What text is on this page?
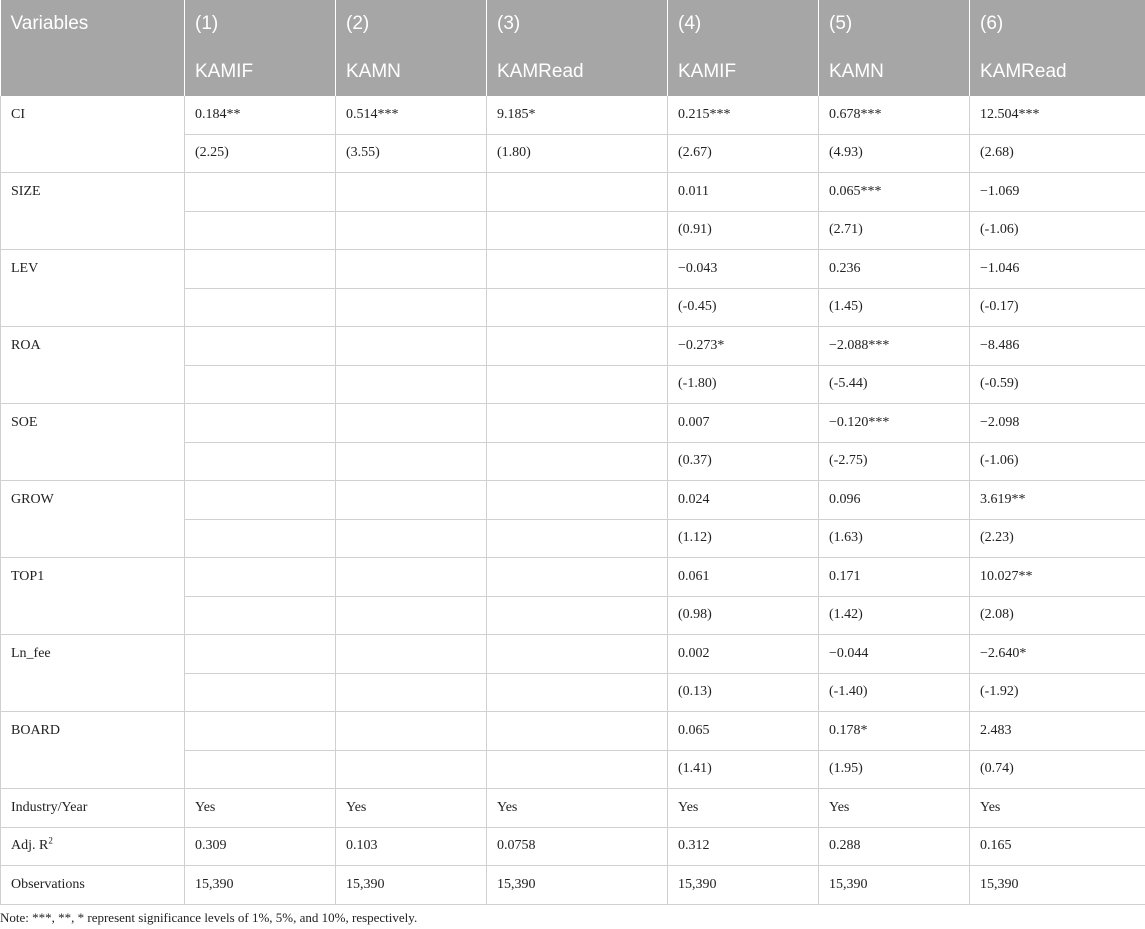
Variables	(1)	(2)	(3)	(4)	(5)	(6)
	KAMIF	KAMN	KAMRead	KAMIF	KAMN	KAMRead
CI	0.184**	0.514***	9.185*	0.215***	0.678***	12.504***
	(2.25)	(3.55)	(1.80)	(2.67)	(4.93)	(2.68)
SIZE				0.011	0.065***	−1.069
				(0.91)	(2.71)	(-1.06)
LEV				−0.043	0.236	−1.046
				(-0.45)	(1.45)	(-0.17)
ROA				−0.273*	−2.088***	−8.486
				(-1.80)	(-5.44)	(-0.59)
SOE				0.007	−0.120***	−2.098
				(0.37)	(-2.75)	(-1.06)
GROW				0.024	0.096	3.619**
				(1.12)	(1.63)	(2.23)
TOP1				0.061	0.171	10.027**
				(0.98)	(1.42)	(2.08)
Ln_fee				0.002	−0.044	−2.640*
				(0.13)	(-1.40)	(-1.92)
BOARD				0.065	0.178*	2.483
				(1.41)	(1.95)	(0.74)
Industry/Year	Yes	Yes	Yes	Yes	Yes	Yes
Adj. $R^2$	0.309	0.103	0.0758	0.312	0.288	0.165
Observations	15,390	15,390	15,390	15,390	15,390	15,390
Note: ***, **, * represent significance levels of 1%, 5%, and 10%, respectively.
